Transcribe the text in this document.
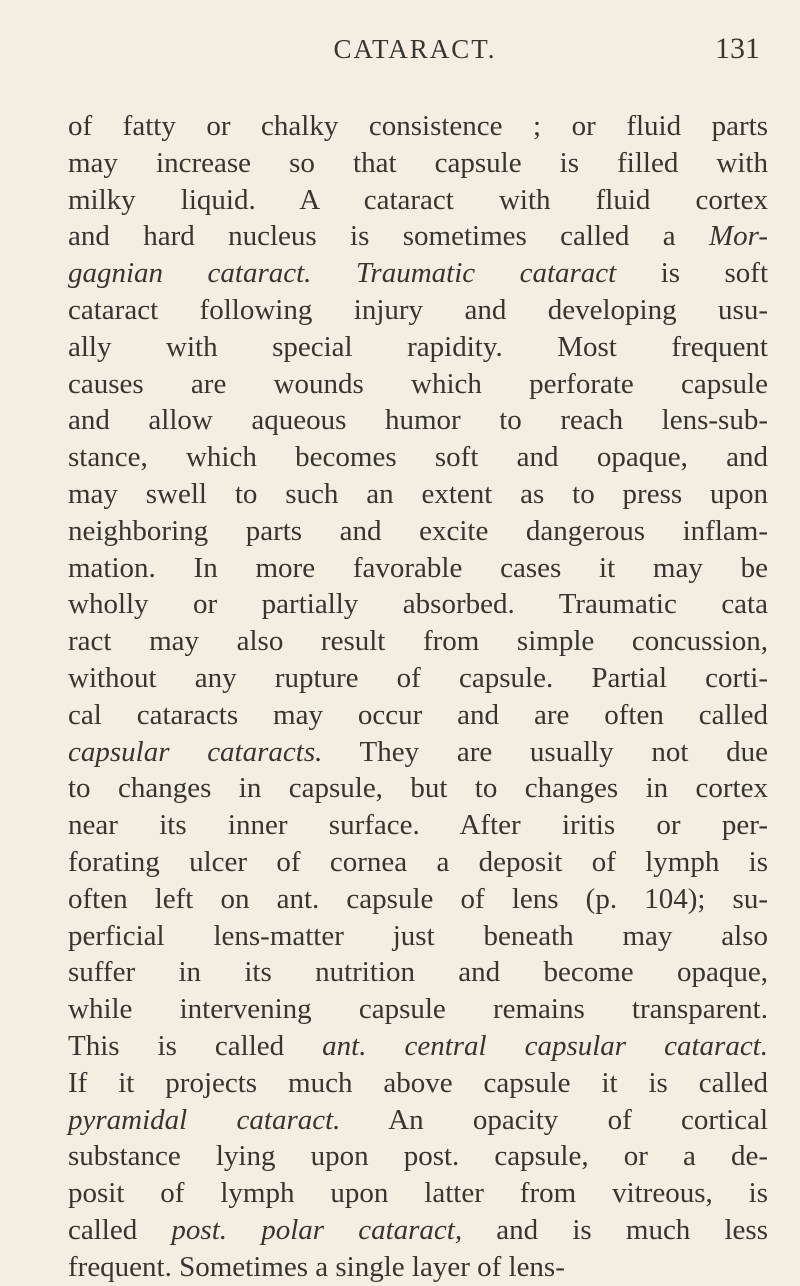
CATARACT.	131
of fatty or chalky consistence ; or fluid parts
may increase so that capsule is filled with
milky liquid. A cataract with fluid cortex
and hard nucleus is sometimes called a Mor-
gagnian cataract. Traumatic cataract is soft
cataract following injury and developing usu-
ally with special rapidity. Most frequent
causes are wounds which perforate capsule
and allow aqueous humor to reach lens-sub-
stance, which becomes soft and opaque, and
may swell to such an extent as to press upon
neighboring parts and excite dangerous inflam-
mation. In more favorable cases it may be
wholly or partially absorbed. Traumatic cata
ract may also result from simple concussion,
without any rupture of capsule. Partial corti-
cal cataracts may occur and are often called
capsular cataracts. They are usually not due
to changes in capsule, but to changes in cortex
near its inner surface. After iritis or per-
forating ulcer of cornea a deposit of lymph is
often left on ant. capsule of lens (p. 104); su-
perficial lens-matter just beneath may also
suffer in its nutrition and become opaque,
while intervening capsule remains transparent.
This is called ant. central capsular cataract.
If it projects much above capsule it is called
pyramidal cataract. An opacity of cortical
substance lying upon post. capsule, or a de-
posit of lymph upon latter from vitreous, is
called post. polar cataract, and is much less
frequent. Sometimes a single layer of lens-
